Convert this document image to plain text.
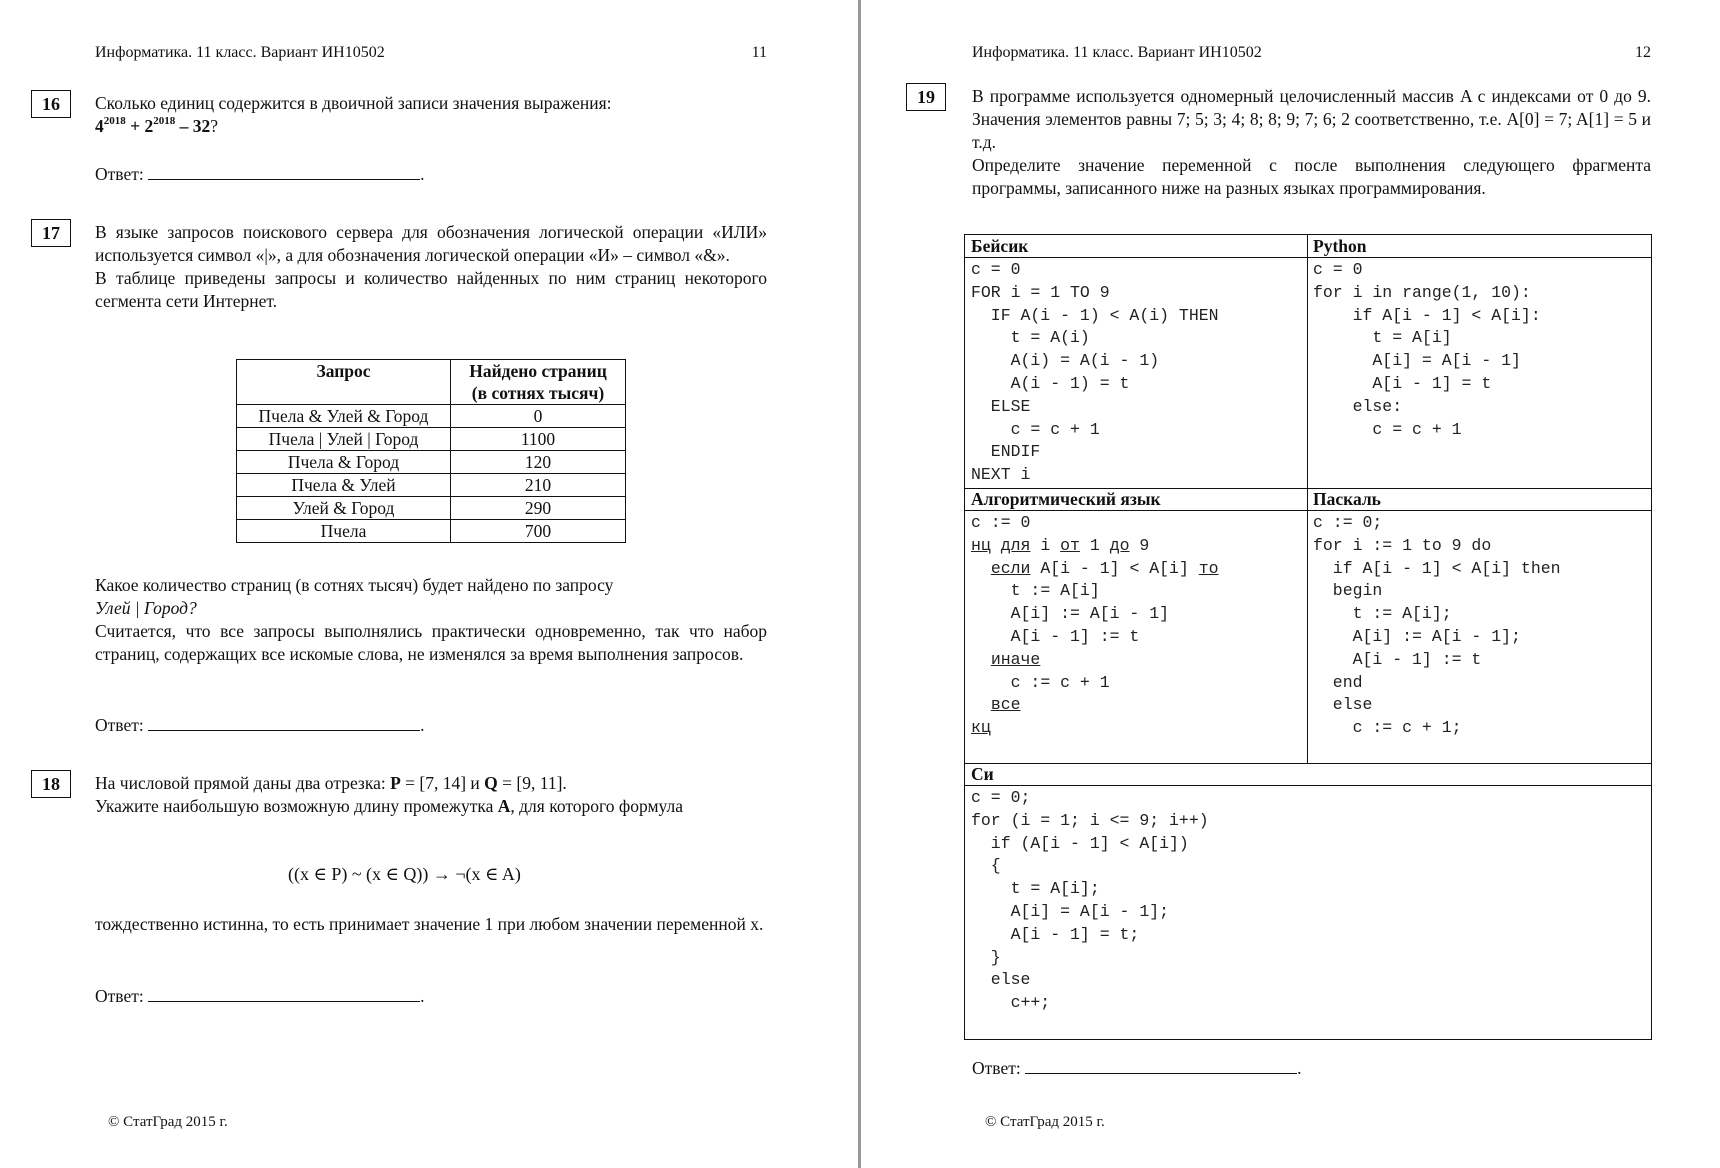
Информатика. 11 класс. Вариант ИН10502	11
16	Сколько единиц содержится в двоичной записи значения выражения:
$4^{2018} + 2^{2018} - 32$?
Ответ:	.
17	В языке запросов поискового сервера для обозначения логической операции «ИЛИ» используется символ «|», а для обозначения логической операции «И» – символ «&».
В таблице приведены запросы и количество найденных по ним страниц некоторого сегмента сети Интернет.
Запрос	Найдено страниц
(в сотнях тысяч)
Пчела & Улей & Город	0
Пчела | Улей | Город	1100
Пчела & Город	120
Пчела & Улей	210
Улей & Город	290
Пчела	700
Какое количество страниц (в сотнях тысяч) будет найдено по запросу
Улей | Город?
Считается, что все запросы выполнялись практически одновременно, так что набор страниц, содержащих все искомые слова, не изменялся за время выполнения запросов.
Ответ:	.
18	На числовой прямой даны два отрезка: P = [7, 14] и Q = [9, 11].
Укажите наибольшую возможную длину промежутка A, для которого формула
((x ∈ P) ~ (x ∈ Q)) → ¬(x ∈ A)
тождественно истинна, то есть принимает значение 1 при любом значении переменной x.
Ответ:	.
© СтатГрад 2015 г.
Информатика. 11 класс. Вариант ИН10502	12
19	В программе используется одномерный целочисленный массив A с индексами от 0 до 9. Значения элементов равны 7; 5; 3; 4; 8; 8; 9; 7; 6; 2 соответственно, т.е. A[0] = 7; A[1] = 5 и т.д.
Определите значение переменной c после выполнения следующего фрагмента программы, записанного ниже на разных языках программирования.
Ответ:	.
© СтатГрад 2015 г.
Бейсик
c = 0
FOR i = 1 TO 9
IF A(i - 1) < A(i) THEN
t = A(i)
A(i) = A(i - 1)
A(i - 1) = t
ELSE
c = c + 1
ENDIF
NEXT i
Python
c = 0
for i in range(1, 10):
if A[i - 1] < A[i]:
t = A[i]
A[i] = A[i - 1]
A[i - 1] = t
else:
c = c + 1
Алгоритмический язык
c := 0
нц для i от 1 до 9
если A[i - 1] < A[i] то
t := A[i]
A[i] := A[i - 1]
A[i - 1] := t
иначе
c := c + 1
все
кц
Паскаль
c := 0;
for i := 1 to 9 do
if A[i - 1] < A[i] then
begin
t := A[i];
A[i] := A[i - 1];
A[i - 1] := t
end
else
c := c + 1;
Си
c = 0;
for (i = 1; i <= 9; i++)
if (A[i - 1] < A[i])
{
t = A[i];
A[i] = A[i - 1];
A[i - 1] = t;
}
else
c++;
